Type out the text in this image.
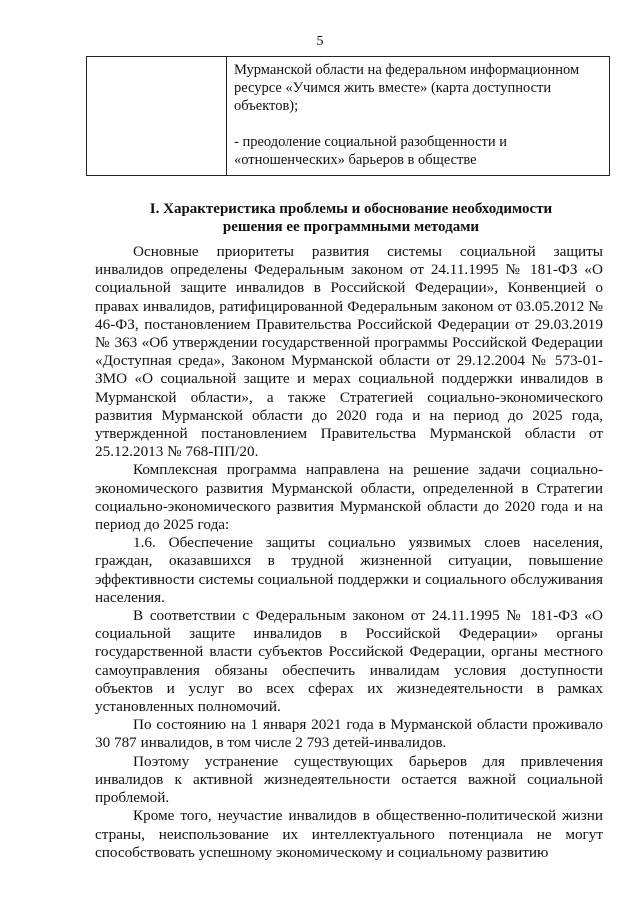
5

Мурманской области на федеральном информационном ресурсе «Учимся жить вместе» (карта доступности объектов);

- преодоление социальной разобщенности и «отношенческих» барьеров в обществе

I. Характеристика проблемы и обоснование необходимости
решения ее программными методами

Основные приоритеты развития системы социальной защиты инвалидов определены Федеральным законом от 24.11.1995 № 181-ФЗ «О социальной защите инвалидов в Российской Федерации», Конвенцией о правах инвалидов, ратифицированной Федеральным законом от 03.05.2012 № 46-ФЗ, постановлением Правительства Российской Федерации от 29.03.2019 № 363 «Об утверждении государственной программы Российской Федерации «Доступная среда», Законом Мурманской области от 29.12.2004 № 573-01-ЗМО «О социальной защите и мерах социальной поддержки инвалидов в Мурманской области», а также Стратегией социально-экономического развития Мурманской области до 2020 года и на период до 2025 года, утвержденной постановлением Правительства Мурманской области от 25.12.2013 № 768-ПП/20.

Комплексная программа направлена на решение задачи социально-экономического развития Мурманской области, определенной в Стратегии социально-экономического развития Мурманской области до 2020 года и на период до 2025 года:

1.6. Обеспечение защиты социально уязвимых слоев населения, граждан, оказавшихся в трудной жизненной ситуации, повышение эффективности системы социальной поддержки и социального обслуживания населения.

В соответствии с Федеральным законом от 24.11.1995 № 181-ФЗ «О социальной защите инвалидов в Российской Федерации» органы государственной власти субъектов Российской Федерации, органы местного самоуправления обязаны обеспечить инвалидам условия доступности объектов и услуг во всех сферах их жизнедеятельности в рамках установленных полномочий.

По состоянию на 1 января 2021 года в Мурманской области проживало 30 787 инвалидов, в том числе 2 793 детей-инвалидов.

Поэтому устранение существующих барьеров для привлечения инвалидов к активной жизнедеятельности остается важной социальной проблемой.

Кроме того, неучастие инвалидов в общественно-политической жизни страны, неиспользование их интеллектуального потенциала не могут способствовать успешному экономическому и социальному развитию
